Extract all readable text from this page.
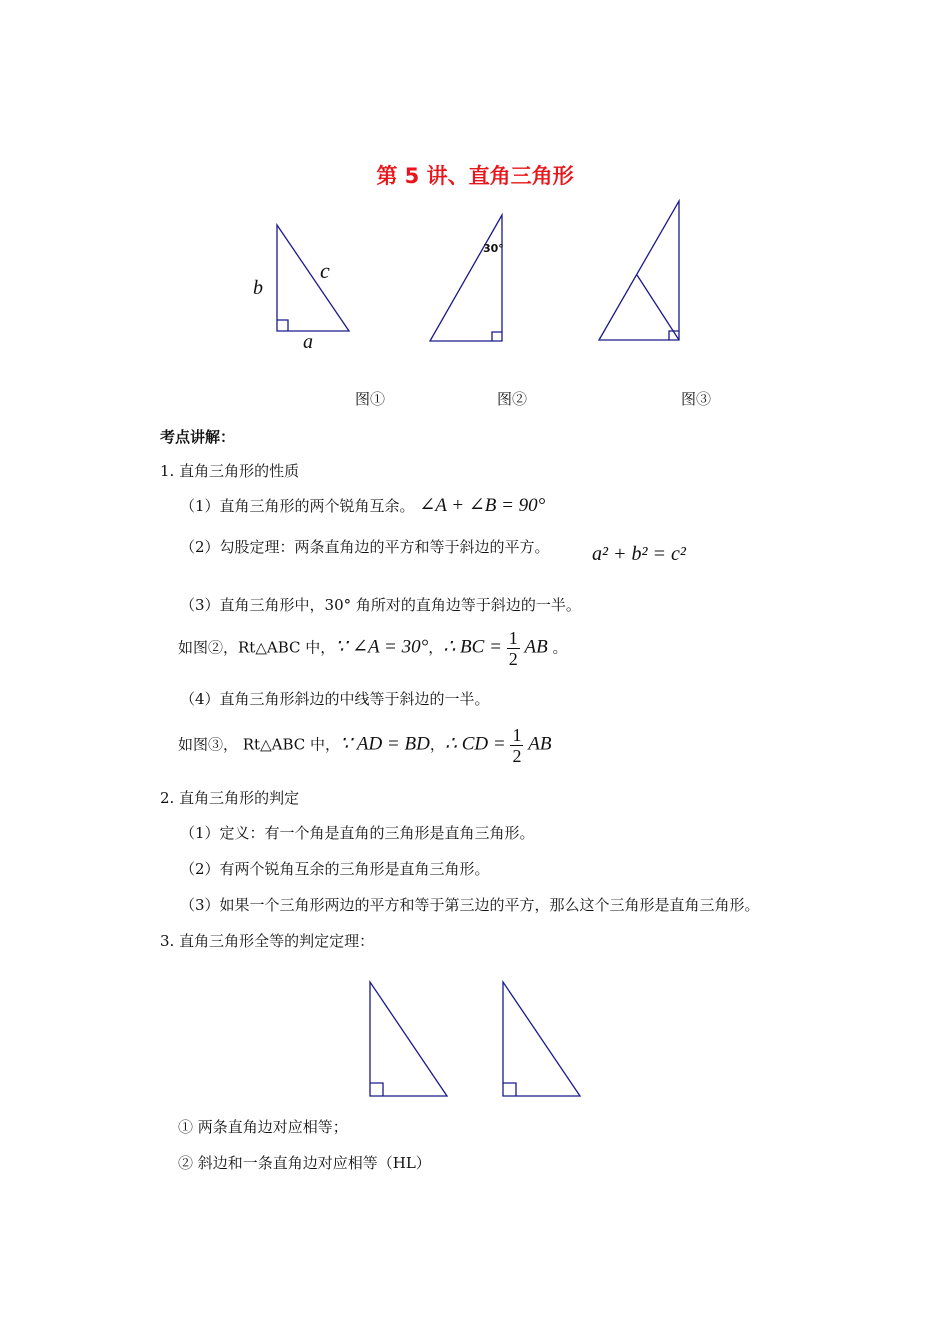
第 5 讲、直角三角形
b
c
a
30°
图①	图②	图③
考点讲解：
1. 直角三角形的性质
（1）直角三角形的两个锐角互余。 ∠A + ∠B = 90°
（2）勾股定理：两条直角边的平方和等于斜边的平方。 a² + b² = c²
（3）直角三角形中，30° 角所对的直角边等于斜边的一半。
如图②，Rt△ABC 中，∵ ∠A = 30°，∴ BC = $\frac{1}{2}$ AB 。
（4）直角三角形斜边的中线等于斜边的一半。
如图③， Rt△ABC 中，∵ AD = BD，∴ CD = $\frac{1}{2}$ AB
2. 直角三角形的判定
（1）定义：有一个角是直角的三角形是直角三角形。
（2）有两个锐角互余的三角形是直角三角形。
（3）如果一个三角形两边的平方和等于第三边的平方，那么这个三角形是直角三角形。
3. 直角三角形全等的判定定理：
① 两条直角边对应相等；
② 斜边和一条直角边对应相等（HL）
